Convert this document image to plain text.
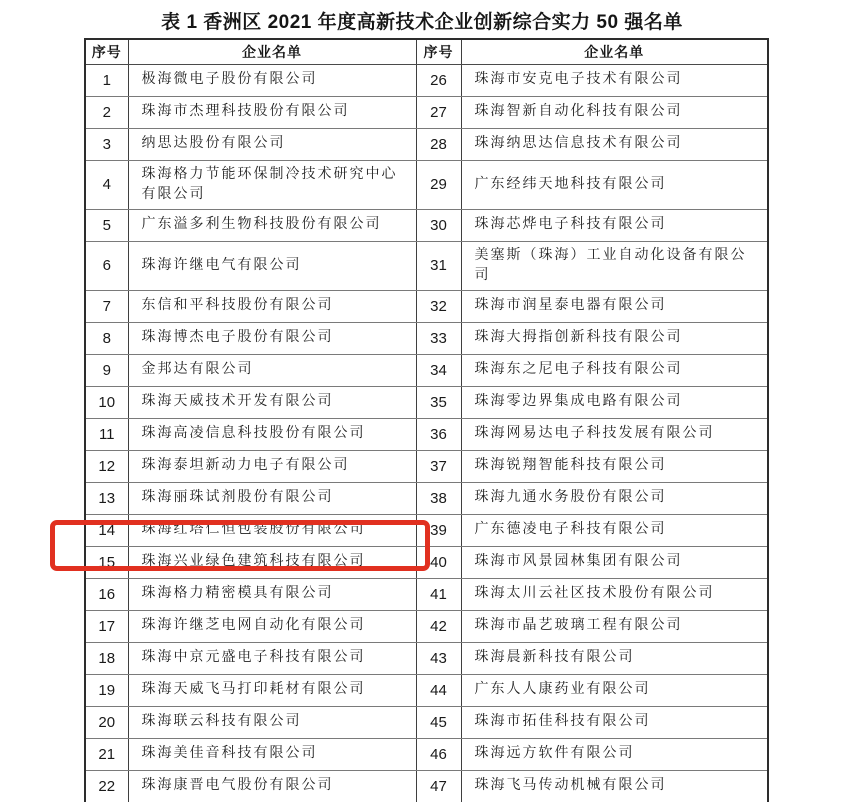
表 1 香洲区 2021 年度高新技术企业创新综合实力 50 强名单
序号	企业名单	序号	企业名单
1	极海微电子股份有限公司	26	珠海市安克电子技术有限公司
2	珠海市杰理科技股份有限公司	27	珠海智新自动化科技有限公司
3	纳思达股份有限公司	28	珠海纳思达信息技术有限公司
4	珠海格力节能环保制冷技术研究中心有限公司	29	广东经纬天地科技有限公司
5	广东溢多利生物科技股份有限公司	30	珠海芯烨电子科技有限公司
6	珠海许继电气有限公司	31	美塞斯（珠海）工业自动化设备有限公司
7	东信和平科技股份有限公司	32	珠海市润星泰电器有限公司
8	珠海博杰电子股份有限公司	33	珠海大拇指创新科技有限公司
9	金邦达有限公司	34	珠海东之尼电子科技有限公司
10	珠海天威技术开发有限公司	35	珠海零边界集成电路有限公司
11	珠海高凌信息科技股份有限公司	36	珠海网易达电子科技发展有限公司
12	珠海泰坦新动力电子有限公司	37	珠海锐翔智能科技有限公司
13	珠海丽珠试剂股份有限公司	38	珠海九通水务股份有限公司
14	珠海红塔仁恒包装股份有限公司	39	广东德凌电子科技有限公司
15	珠海兴业绿色建筑科技有限公司	40	珠海市风景园林集团有限公司
16	珠海格力精密模具有限公司	41	珠海太川云社区技术股份有限公司
17	珠海许继芝电网自动化有限公司	42	珠海市晶艺玻璃工程有限公司
18	珠海中京元盛电子科技有限公司	43	珠海晨新科技有限公司
19	珠海天威飞马打印耗材有限公司	44	广东人人康药业有限公司
20	珠海联云科技有限公司	45	珠海市拓佳科技有限公司
21	珠海美佳音科技有限公司	46	珠海远方软件有限公司
22	珠海康晋电气股份有限公司	47	珠海飞马传动机械有限公司
